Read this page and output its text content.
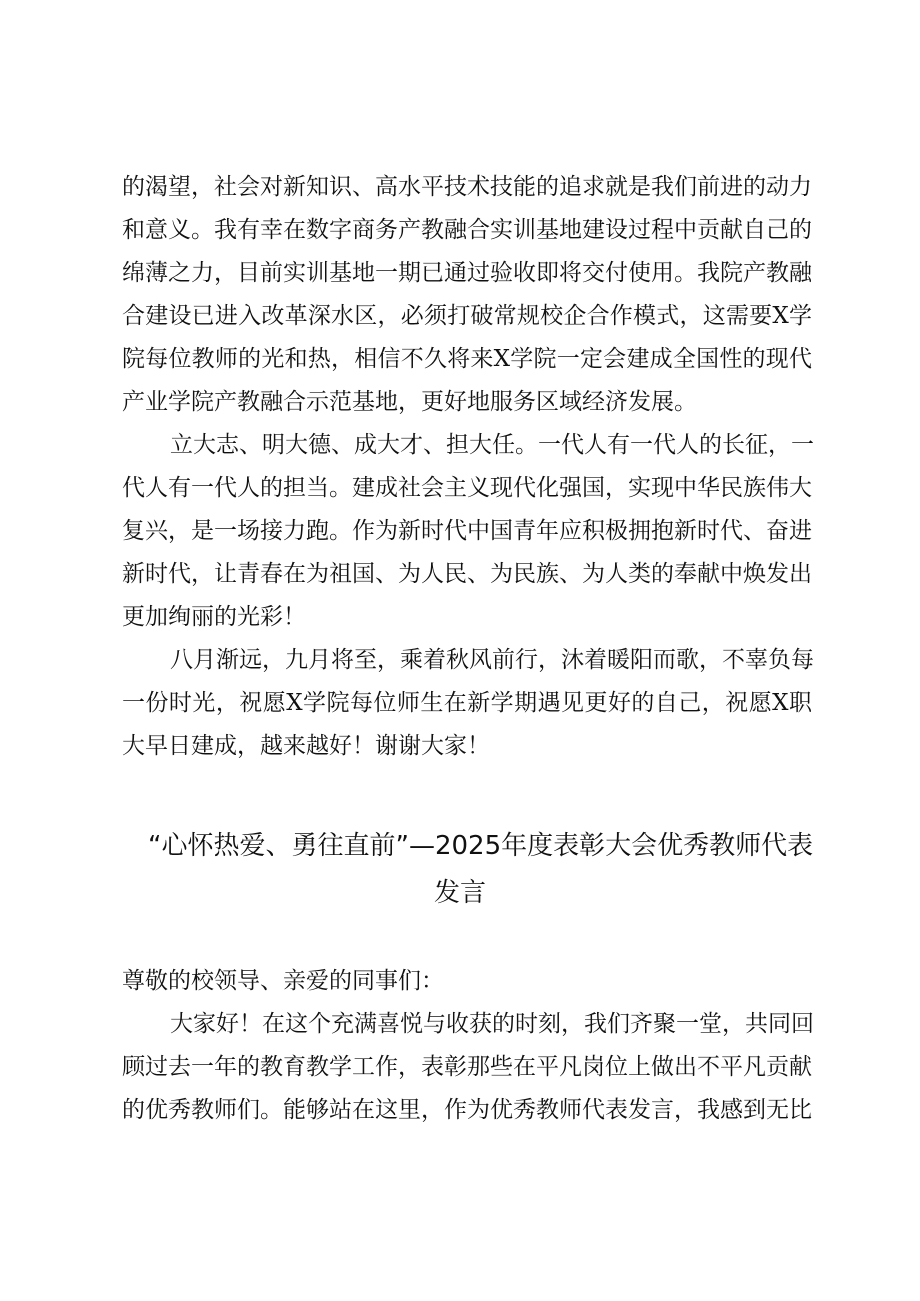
的渴望，社会对新知识、高水平技术技能的追求就是我们前进的动力
和意义。我有幸在数字商务产教融合实训基地建设过程中贡献自己的
绵薄之力，目前实训基地一期已通过验收即将交付使用。我院产教融
合建设已进入改革深水区，必须打破常规校企合作模式，这需要X学
院每位教师的光和热，相信不久将来X学院一定会建成全国性的现代
产业学院产教融合示范基地，更好地服务区域经济发展。
立大志、明大德、成大才、担大任。一代人有一代人的长征，一
代人有一代人的担当。建成社会主义现代化强国，实现中华民族伟大
复兴，是一场接力跑。作为新时代中国青年应积极拥抱新时代、奋进
新时代，让青春在为祖国、为人民、为民族、为人类的奉献中焕发出
更加绚丽的光彩！
八月渐远，九月将至，乘着秋风前行，沐着暖阳而歌，不辜负每
一份时光，祝愿X学院每位师生在新学期遇见更好的自己，祝愿X职
大早日建成，越来越好！谢谢大家！
“心怀热爱、勇往直前”—2025年度表彰大会优秀教师代表
发言
尊敬的校领导、亲爱的同事们：
大家好！在这个充满喜悦与收获的时刻，我们齐聚一堂，共同回
顾过去一年的教育教学工作，表彰那些在平凡岗位上做出不平凡贡献
的优秀教师们。能够站在这里，作为优秀教师代表发言，我感到无比
